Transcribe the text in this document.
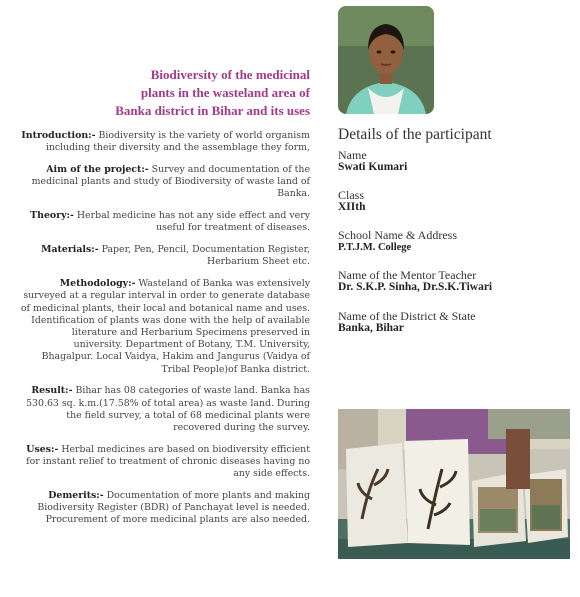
Biodiversity of the medicinal
plants in the wasteland area of
Banka district in Bihar and its uses

Introduction:- Biodiversity is the variety of world organism including their diversity and the assemblage they form,

Aim of the project:- Survey and documentation of the medicinal plants and study of Biodiversity of waste land of Banka.

Theory:- Herbal medicine has not any side effect and very useful for treatment of diseases.

Materials:- Paper, Pen, Pencil, Documentation Register, Herbarium Sheet etc.

Methodology:- Wasteland of Banka was extensively surveyed at a regular interval in order to generate database of medicinal plants, their local and botanical name and uses. Identification of plants was done with the help of available literature and Herbarium Specimens preserved in university. Department of Botany, T.M. University, Bhagalpur. Local Vaidya, Hakim and Jangurus (Vaidya of Tribal People)of Banka district.

Result:- Bihar has 08 categories of waste land. Banka has 530.63 sq. k.m.(17.58% of total area) as waste land. During the field survey, a total of 68 medicinal plants were recovered during the survey.

Uses:- Herbal medicines are based on biodiversity efficient for instant relief to treatment of chronic diseases having no any side effects.

Demerits:- Documentation of more plants and making Biodiversity Register (BDR) of Panchayat level is needed. Procurement of more medicinal plants are also needed.

Details of the participant
Name
Swati Kumari
Class
XIIth
School Name & Address
P.T.J.M. College
Name of the Mentor Teacher
Dr. S.K.P. Sinha, Dr.S.K.Tiwari
Name of the District & State
Banka, Bihar
